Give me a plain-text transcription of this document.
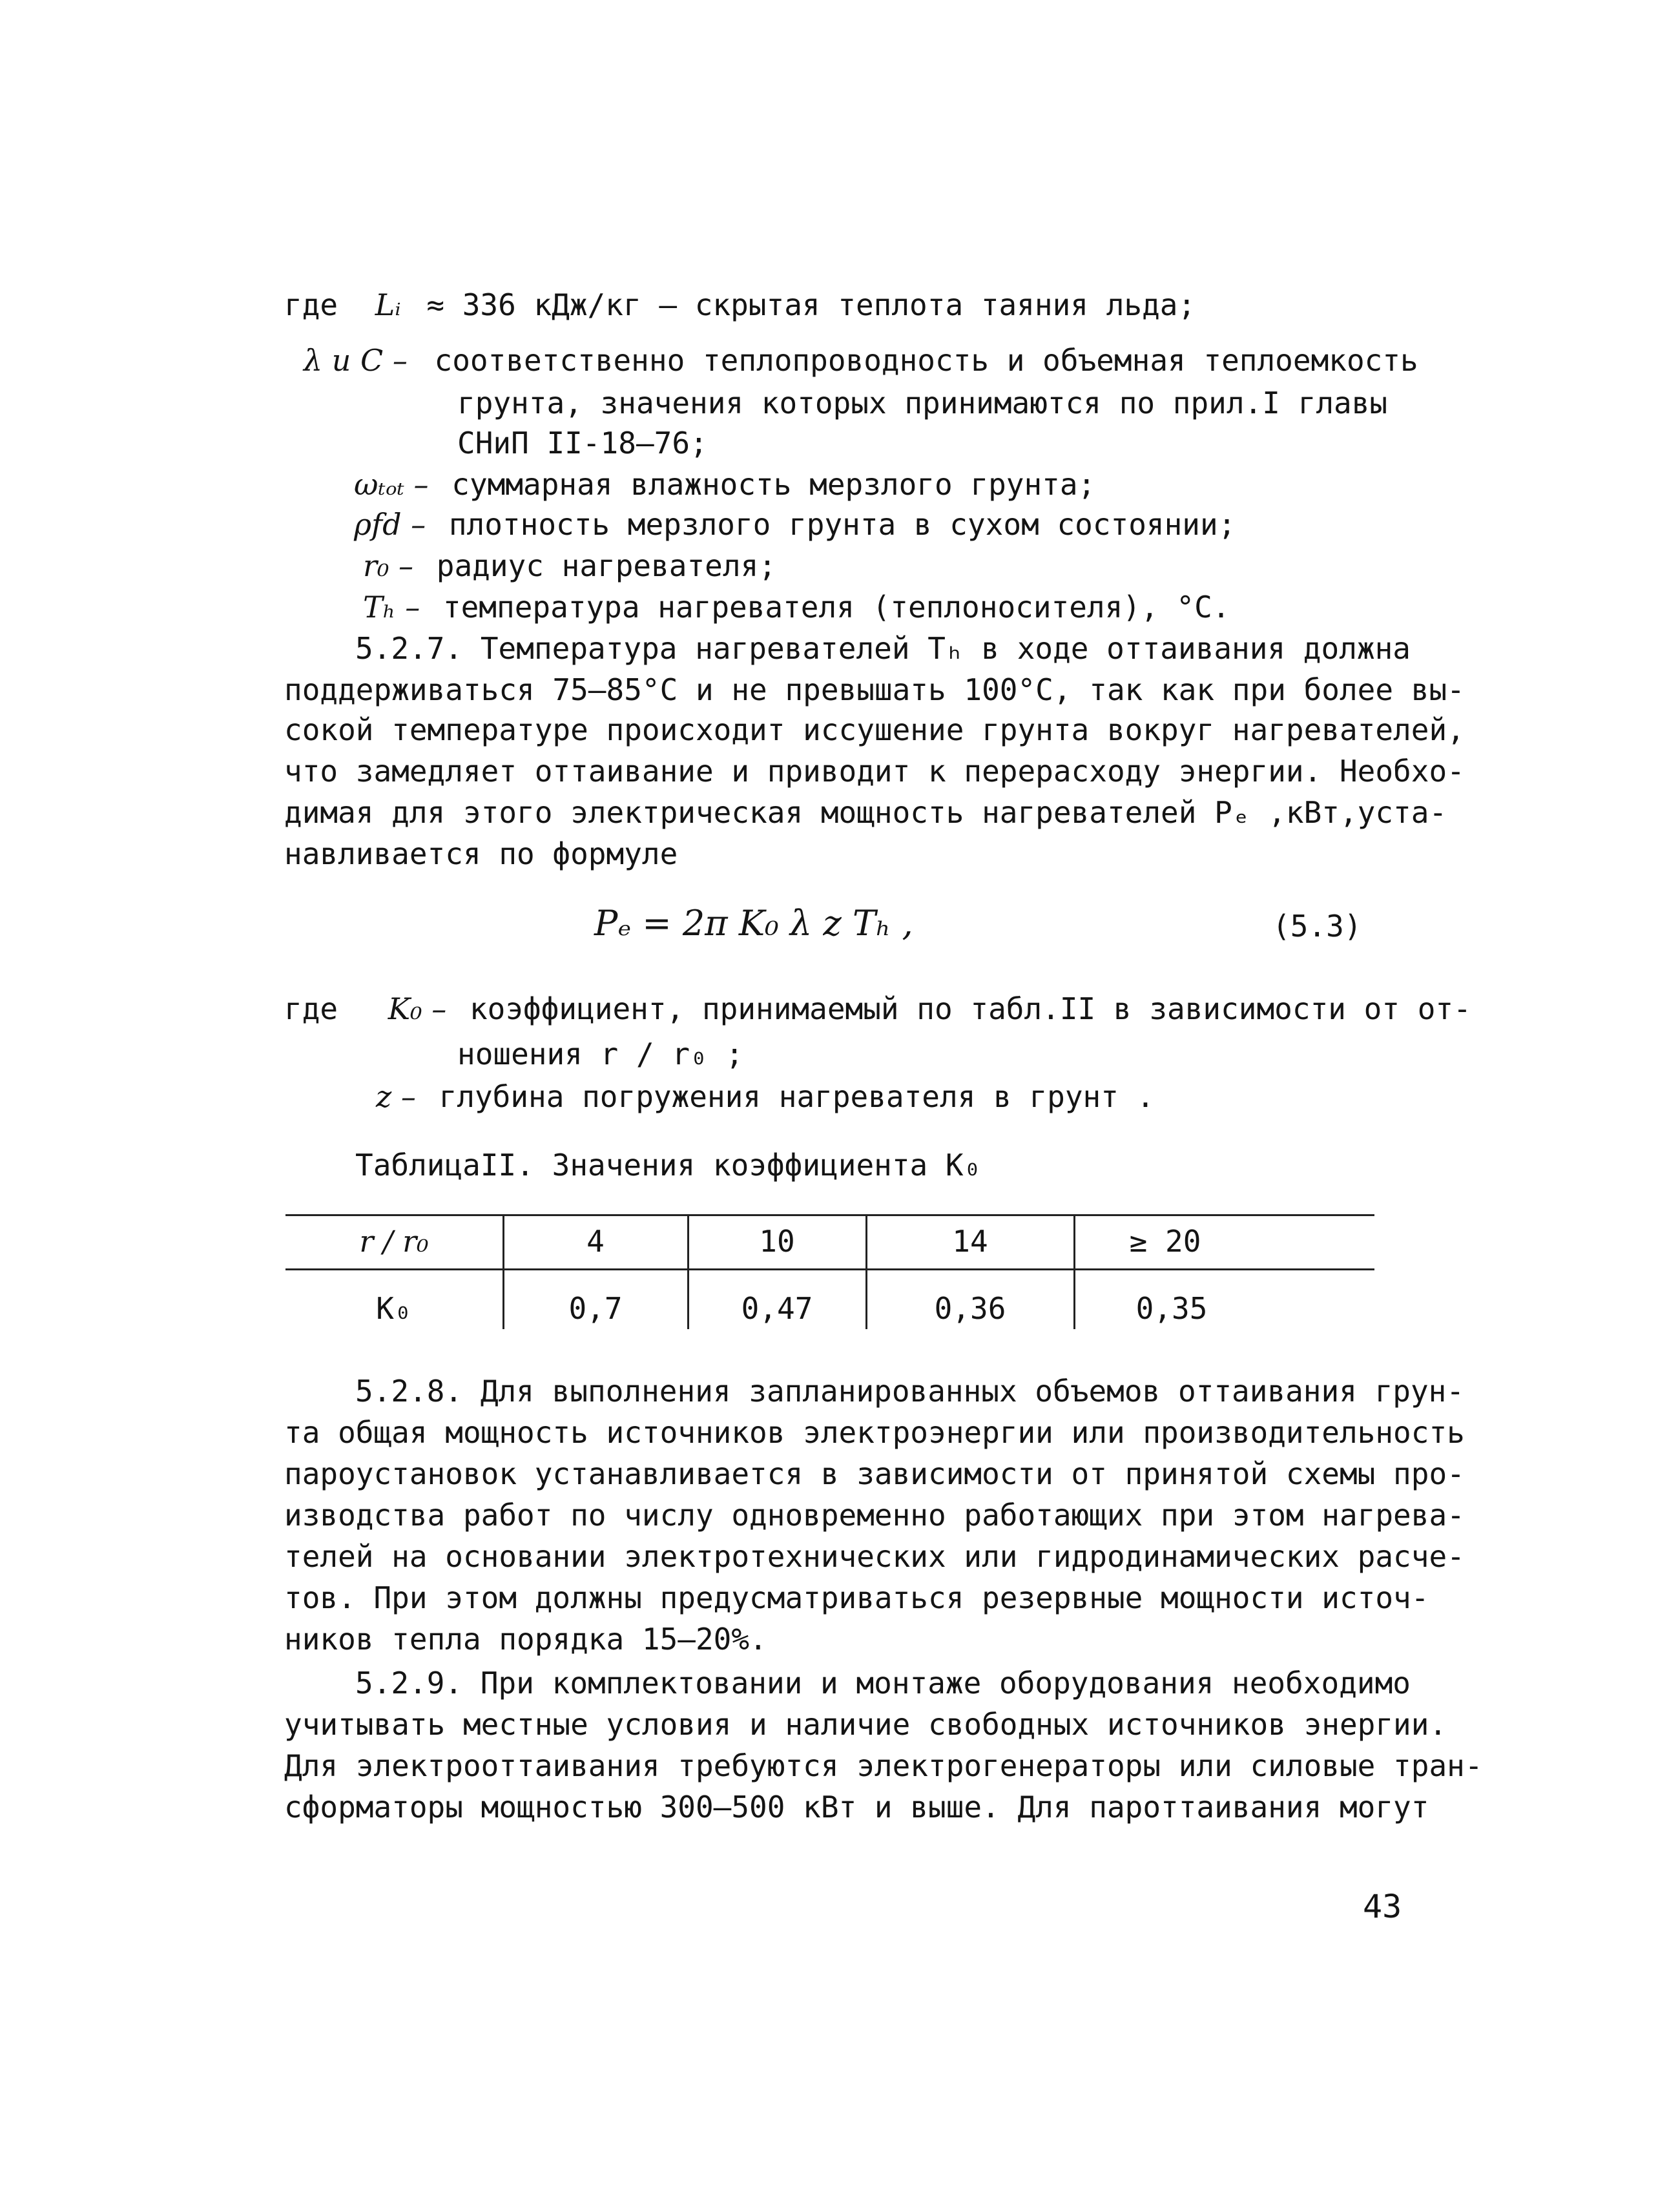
где Lᵢ ≈ 336 кДж/кг – скрытая теплота таяния льда;
λ и С – соответственно теплопроводность и объемная теплоемкость
грунта, значения которых принимаются по прил.I главы
СНиП II-18–76;
ωₜₒₜ – суммарная влажность мерзлого грунта;
ρfd – плотность мерзлого грунта в сухом состоянии;
r₀ – радиус нагревателя;
Tₕ – температура нагревателя (теплоносителя), °С.
5.2.7. Температура нагревателей Tₕ в ходе оттаивания должна
поддерживаться 75–85°С и не превышать 100°С, так как при более вы-
сокой температуре происходит иссушение грунта вокруг нагревателей,
что замедляет оттаивание и приводит к перерасходу энергии. Необхо-
димая для этого электрическая мощность нагревателей Pₑ ,кВт,уста-
навливается по формуле
Pₑ = 2π K₀ λ z Tₕ ,	(5.3)
где K₀ – коэффициент, принимаемый по табл.II в зависимости от от-
ношения r / r₀ ;
z – глубина погружения нагревателя в грунт .
ТаблицаII. Значения коэффициента K₀
r / r₀	4	10	14	≥ 20
K₀	0,7	0,47	0,36	0,35
5.2.8. Для выполнения запланированных объемов оттаивания грун-
та общая мощность источников электроэнергии или производительность
пароустановок устанавливается в зависимости от принятой схемы про-
изводства работ по числу одновременно работающих при этом нагрева-
телей на основании электротехнических или гидродинамических расче-
тов. При этом должны предусматриваться резервные мощности источ-
ников тепла порядка 15–20%.
5.2.9. При комплектовании и монтаже оборудования необходимо
учитывать местные условия и наличие свободных источников энергии.
Для электрооттаивания требуются электрогенераторы или силовые тран-
сформаторы мощностью 300–500 кВт и выше. Для пароттаивания могут
43
